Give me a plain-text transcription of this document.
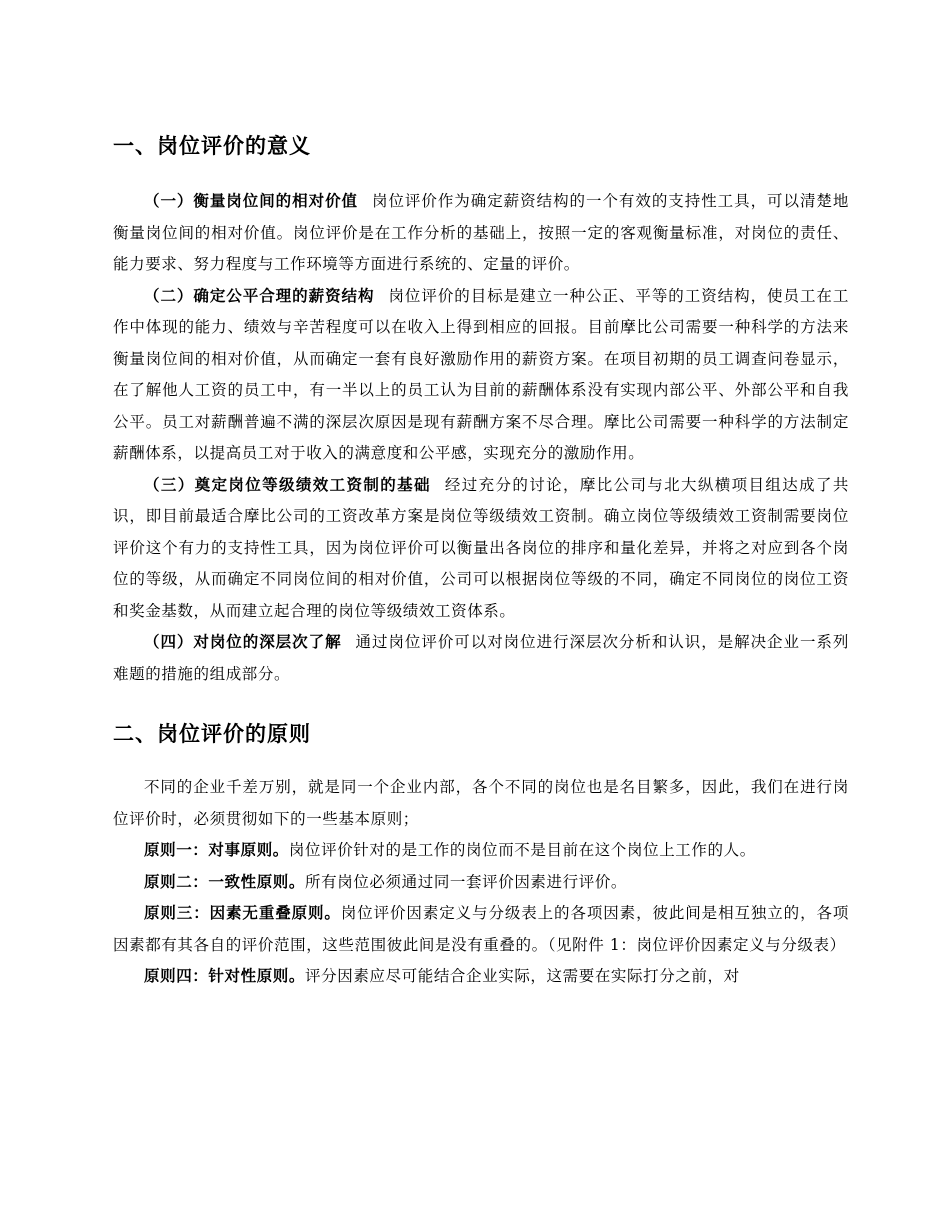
一、岗位评价的意义

（一）衡量岗位间的相对价值 岗位评价作为确定薪资结构的一个有效的支持性工具，可以清楚地衡量岗位间的相对价值。岗位评价是在工作分析的基础上，按照一定的客观衡量标准，对岗位的责任、能力要求、努力程度与工作环境等方面进行系统的、定量的评价。

（二）确定公平合理的薪资结构 岗位评价的目标是建立一种公正、平等的工资结构，使员工在工作中体现的能力、绩效与辛苦程度可以在收入上得到相应的回报。目前摩比公司需要一种科学的方法来衡量岗位间的相对价值，从而确定一套有良好激励作用的薪资方案。在项目初期的员工调查问卷显示，在了解他人工资的员工中，有一半以上的员工认为目前的薪酬体系没有实现内部公平、外部公平和自我公平。员工对薪酬普遍不满的深层次原因是现有薪酬方案不尽合理。摩比公司需要一种科学的方法制定薪酬体系，以提高员工对于收入的满意度和公平感，实现充分的激励作用。

（三）奠定岗位等级绩效工资制的基础 经过充分的讨论，摩比公司与北大纵横项目组达成了共识，即目前最适合摩比公司的工资改革方案是岗位等级绩效工资制。确立岗位等级绩效工资制需要岗位评价这个有力的支持性工具，因为岗位评价可以衡量出各岗位的排序和量化差异，并将之对应到各个岗位的等级，从而确定不同岗位间的相对价值，公司可以根据岗位等级的不同，确定不同岗位的岗位工资和奖金基数，从而建立起合理的岗位等级绩效工资体系。

（四）对岗位的深层次了解 通过岗位评价可以对岗位进行深层次分析和认识，是解决企业一系列难题的措施的组成部分。

二、岗位评价的原则

不同的企业千差万别，就是同一个企业内部，各个不同的岗位也是名目繁多，因此，我们在进行岗位评价时，必须贯彻如下的一些基本原则；

原则一：对事原则。岗位评价针对的是工作的岗位而不是目前在这个岗位上工作的人。

原则二：一致性原则。所有岗位必须通过同一套评价因素进行评价。

原则三：因素无重叠原则。岗位评价因素定义与分级表上的各项因素，彼此间是相互独立的，各项因素都有其各自的评价范围，这些范围彼此间是没有重叠的。（见附件 1：岗位评价因素定义与分级表）

原则四：针对性原则。评分因素应尽可能结合企业实际，这需要在实际打分之前，对
